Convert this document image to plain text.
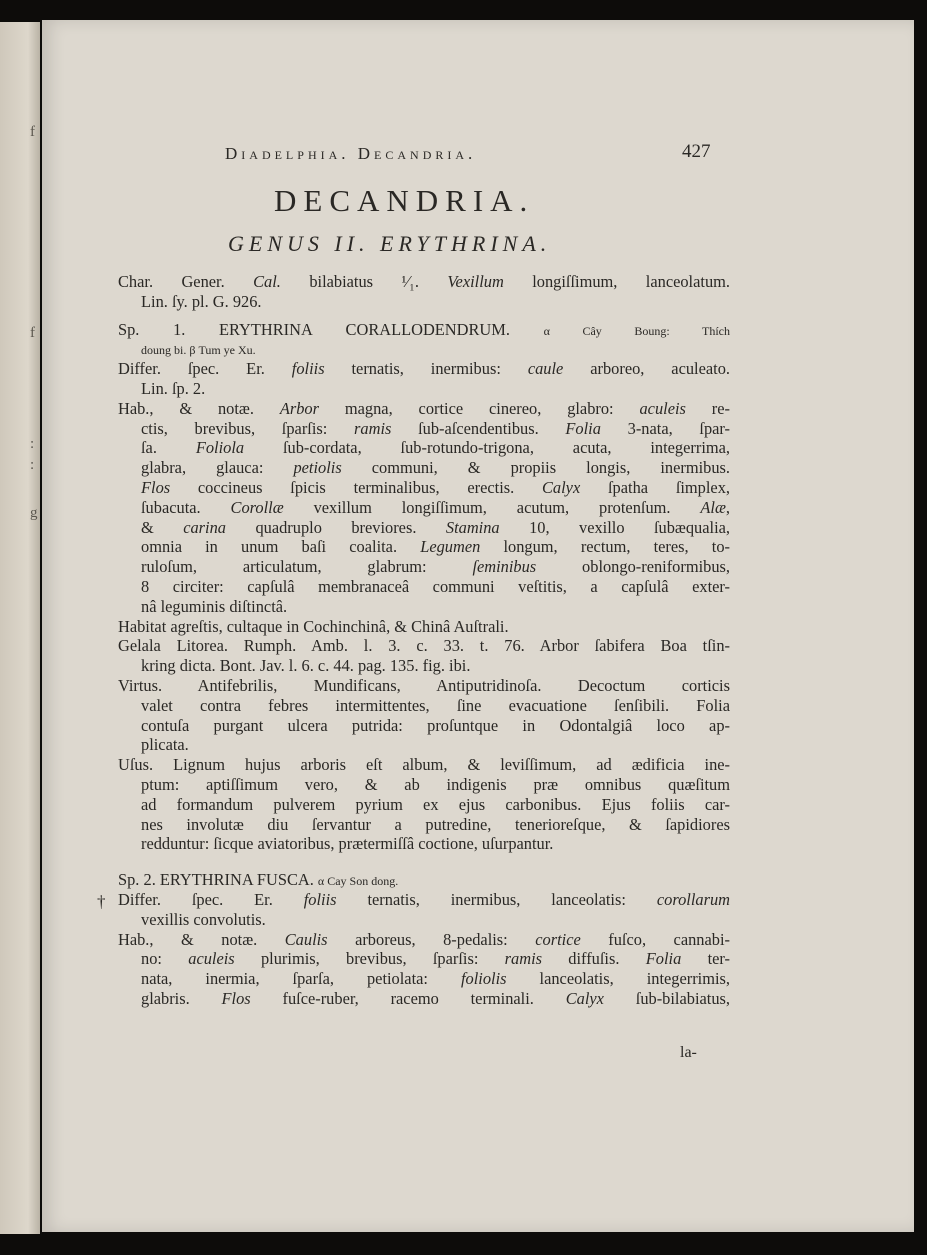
f
f
:
:
g
Diadelphia. Decandria.	427
DECANDRIA.
GENUS II. ERYTHRINA.
†
Char. Gener. Cal. bilabiatus ¹⁄₁. Vexillum longiſſimum, lanceolatum.
Lin. ſy. pl. G. 926.
Sp. 1. ERYTHRINA CORALLODENDRUM. α Cây Boung: Thích
doung bi. β Tum ye Xu.
Differ. ſpec. Er. foliis ternatis, inermibus: caule arboreo, aculeato.
Lin. ſp. 2.
Hab., & notæ. Arbor magna, cortice cinereo, glabro: aculeis re-
ctis, brevibus, ſparſis: ramis ſub-aſcendentibus. Folia 3-nata, ſpar-
ſa. Foliola ſub-cordata, ſub-rotundo-trigona, acuta, integerrima,
glabra, glauca: petiolis communi, & propiis longis, inermibus.
Flos coccineus ſpicis terminalibus, erectis. Calyx ſpatha ſimplex,
ſubacuta. Corollæ vexillum longiſſimum, acutum, protenſum. Alæ,
& carina quadruplo breviores. Stamina 10, vexillo ſubæqualia,
omnia in unum baſi coalita. Legumen longum, rectum, teres, to-
ruloſum, articulatum, glabrum: ſeminibus oblongo-reniformibus,
8 circiter: capſulâ membranaceâ communi veſtitis, a capſulâ exter-
nâ leguminis diſtinctâ.
Habitat agreſtis, cultaque in Cochinchinâ, & Chinâ Auſtrali.
Gelala Litorea. Rumph. Amb. l. 3. c. 33. t. 76. Arbor ſabifera Boa tſin-
kring dicta. Bont. Jav. l. 6. c. 44. pag. 135. fig. ibi.
Virtus. Antifebrilis, Mundificans, Antiputridinoſa. Decoctum corticis
valet contra febres intermittentes, ſine evacuatione ſenſibili. Folia
contuſa purgant ulcera putrida: proſuntque in Odontalgiâ loco ap-
plicata.
Uſus. Lignum hujus arboris eſt album, & leviſſimum, ad ædificia ine-
ptum: aptiſſimum vero, & ab indigenis præ omnibus quæſitum
ad formandum pulverem pyrium ex ejus carbonibus. Ejus foliis car-
nes involutæ diu ſervantur a putredine, tenerioreſque, & ſapidiores
redduntur: ſicque aviatoribus, prætermiſſâ coctione, uſurpantur.
Sp. 2. ERYTHRINA FUSCA. α Cay Son dong.
Differ. ſpec. Er. foliis ternatis, inermibus, lanceolatis: corollarum
vexillis convolutis.
Hab., & notæ. Caulis arboreus, 8-pedalis: cortice fuſco, cannabi-
no: aculeis plurimis, brevibus, ſparſis: ramis diffuſis. Folia ter-
nata, inermia, ſparſa, petiolata: foliolis lanceolatis, integerrimis,
glabris. Flos fuſce-ruber, racemo terminali. Calyx ſub-bilabiatus,
la-
